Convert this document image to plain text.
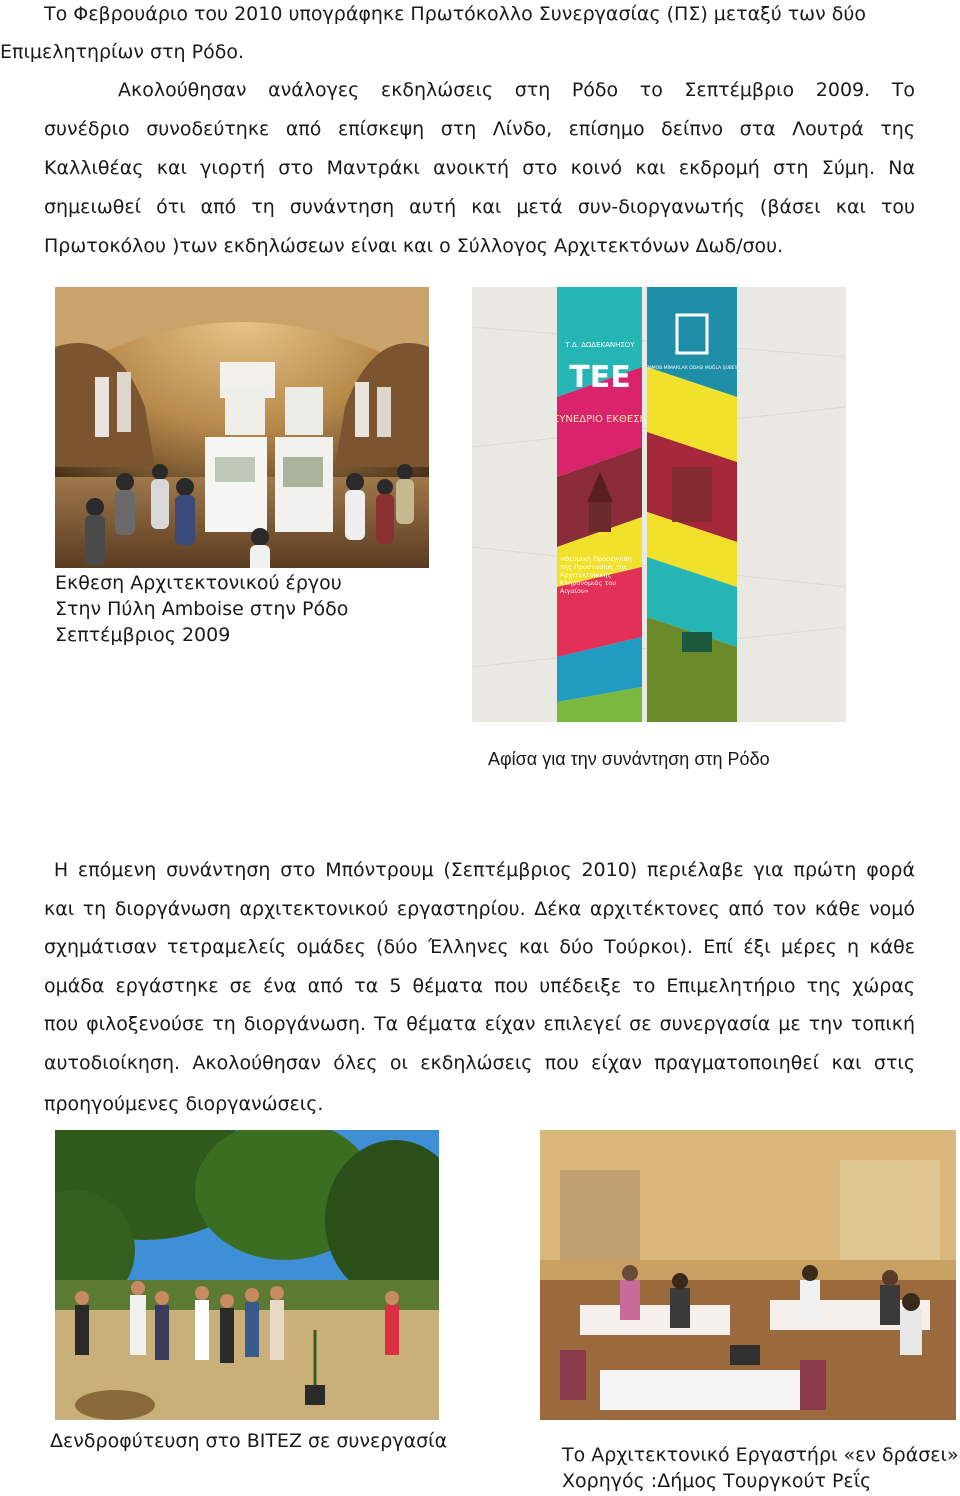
Το Φεβρουάριο του 2010 υπογράφηκε Πρωτόκολλο Συνεργασίας (ΠΣ) μεταξύ των δύο
Επιμελητηρίων στη Ρόδο.
Ακολούθησαν ανάλογες εκδηλώσεις στη Ρόδο το Σεπτέμβριο 2009. Το
συνέδριο συνοδεύτηκε από επίσκεψη στη Λίνδο, επίσημο δείπνο στα Λουτρά της
Καλλιθέας και γιορτή στο Μαντράκι ανοικτή στο κοινό και εκδρομή στη Σύμη. Να
σημειωθεί ότι από τη συνάντηση αυτή και μετά συν-διοργανωτής (βάσει και του
Πρωτοκόλου )των εκδηλώσεων είναι και ο Σύλλογος Αρχιτεκτόνων Δωδ/σου.
Εκθεση Αρχιτεκτονικού έργου
Στην Πύλη Amboise στην Ρόδο
Σεπτέμβριος 2009
Τ.Δ. ΔΩΔΕΚΑΝΗΣΟΥ
ΤΕΕ
ΣΥΝΕΔΡΙΟ ΕΚΘΕΣΗ
TMMOB MİMARLAR ODASI MUĞLA ŞUBESİ
«Θεσμική Προσέγγιση της Προστασίας της Αρχιτεκτονικής Κληρονομιάς του Αιγαίου»
Αφίσα για την συνάντηση στη Ρόδο
Η επόμενη συνάντηση στο Μπόντρουμ (Σεπτέμβριος 2010) περιέλαβε για πρώτη φορά
και τη διοργάνωση αρχιτεκτονικού εργαστηρίου. Δέκα αρχιτέκτονες από τον κάθε νομό
σχημάτισαν τετραμελείς ομάδες (δύο Έλληνες και δύο Τούρκοι). Επί έξι μέρες η κάθε
ομάδα εργάστηκε σε ένα από τα 5 θέματα που υπέδειξε το Επιμελητήριο της χώρας
που φιλοξενούσε τη διοργάνωση. Τα θέματα είχαν επιλεγεί σε συνεργασία με την τοπική
αυτοδιοίκηση. Ακολούθησαν όλες οι εκδηλώσεις που είχαν πραγματοποιηθεί και στις
προηγούμενες διοργανώσεις.
Δενδροφύτευση στο ΒΙΤΕΖ σε συνεργασία
Το Αρχιτεκτονικό Εργαστήρι «εν δράσει»
Χορηγός :Δήμος Τουργκούτ Ρεΐς
